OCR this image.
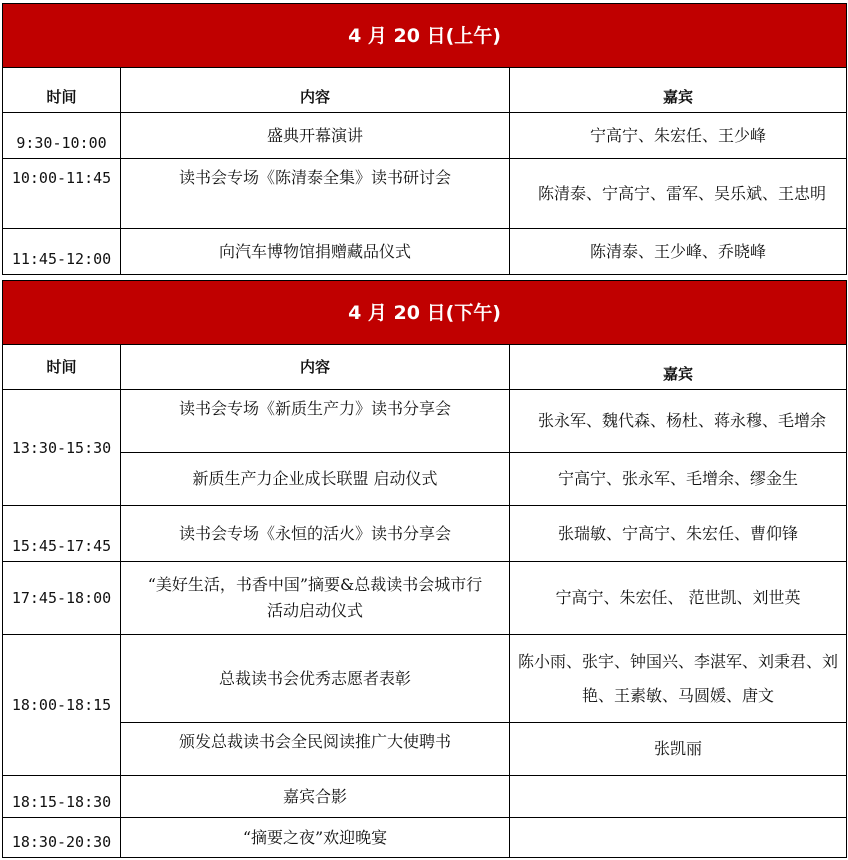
4 月 20 日(上午)		
时间	内容	嘉宾
9:30-10:00	盛典开幕演讲	宁高宁、朱宏任、王少峰
10:00-11:45	读书会专场《陈清泰全集》读书研讨会	陈清泰、宁高宁、雷军、吴乐斌、王忠明
11:45-12:00	向汽车博物馆捐赠藏品仪式	陈清泰、王少峰、乔晓峰
4 月 20 日(下午)		
时间	内容	嘉宾
13:30-15:30	读书会专场《新质生产力》读书分享会	张永军、魏代森、杨杜、蒋永穆、毛增余
	新质生产力企业成长联盟 启动仪式	宁高宁、张永军、毛增余、缪金生
15:45-17:45	读书会专场《永恒的活火》读书分享会	张瑞敏、宁高宁、朱宏任、曹仰锋
17:45-18:00	“美好生活，书香中国”摘要&总裁读书会城市行活动启动仪式	宁高宁、朱宏任、 范世凯、刘世英
18:00-18:15	总裁读书会优秀志愿者表彰	陈小雨、张宇、钟国兴、李湛军、刘秉君、刘艳、王素敏、马圆媛、唐文
	颁发总裁读书会全民阅读推广大使聘书	张凯丽
18:15-18:30	嘉宾合影	
18:30-20:30	“摘要之夜”欢迎晚宴	
